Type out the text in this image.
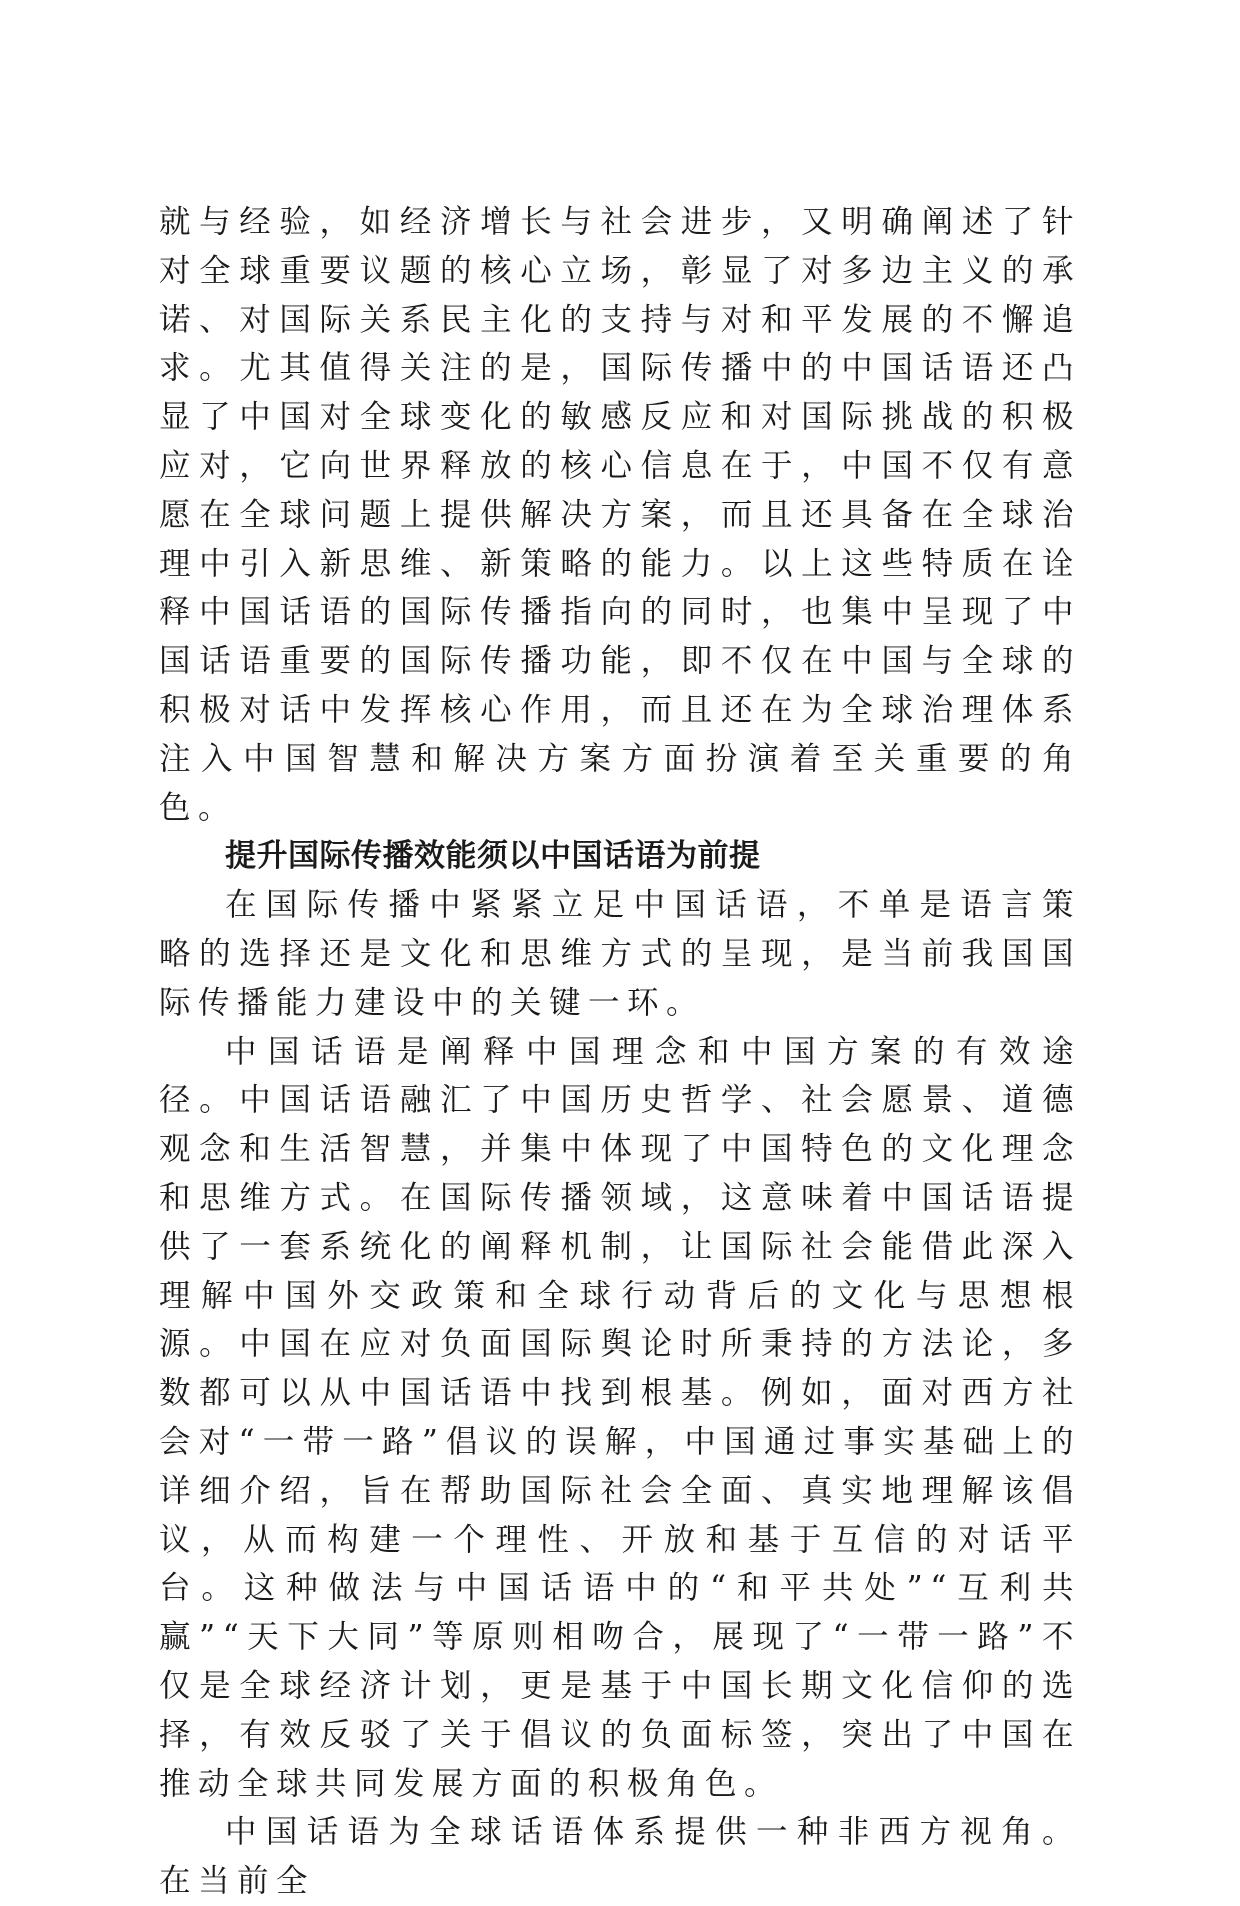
就与经验，如经济增长与社会进步，又明确阐述了针对全球重要议题的核心立场，彰显了对多边主义的承诺、对国际关系民主化的支持与对和平发展的不懈追求。尤其值得关注的是，国际传播中的中国话语还凸显了中国对全球变化的敏感反应和对国际挑战的积极应对，它向世界释放的核心信息在于，中国不仅有意愿在全球问题上提供解决方案，而且还具备在全球治理中引入新思维、新策略的能力。以上这些特质在诠释中国话语的国际传播指向的同时，也集中呈现了中国话语重要的国际传播功能，即不仅在中国与全球的积极对话中发挥核心作用，而且还在为全球治理体系注入中国智慧和解决方案方面扮演着至关重要的角色。

提升国际传播效能须以中国话语为前提

在国际传播中紧紧立足中国话语，不单是语言策略的选择还是文化和思维方式的呈现，是当前我国国际传播能力建设中的关键一环。

中国话语是阐释中国理念和中国方案的有效途径。中国话语融汇了中国历史哲学、社会愿景、道德观念和生活智慧，并集中体现了中国特色的文化理念和思维方式。在国际传播领域，这意味着中国话语提供了一套系统化的阐释机制，让国际社会能借此深入理解中国外交政策和全球行动背后的文化与思想根源。中国在应对负面国际舆论时所秉持的方法论，多数都可以从中国话语中找到根基。例如，面对西方社会对“一带一路”倡议的误解，中国通过事实基础上的详细介绍，旨在帮助国际社会全面、真实地理解该倡议，从而构建一个理性、开放和基于互信的对话平台。这种做法与中国话语中的“和平共处”“互利共赢”“天下大同”等原则相吻合，展现了“一带一路”不仅是全球经济计划，更是基于中国长期文化信仰的选择，有效反驳了关于倡议的负面标签，突出了中国在推动全球共同发展方面的积极角色。

中国话语为全球话语体系提供一种非西方视角。在当前全
